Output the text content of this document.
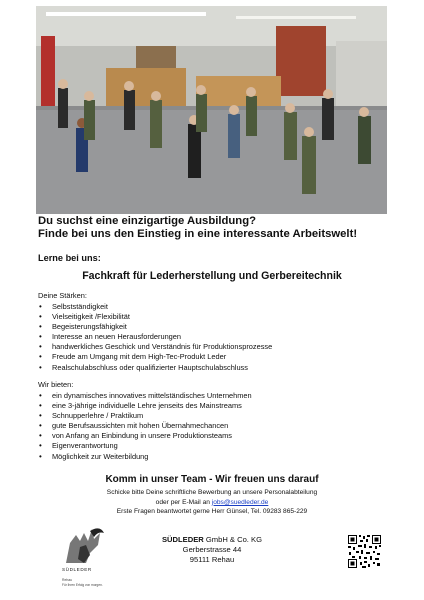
Du suchst eine einzigartige Ausbildung?
Finde bei uns den Einstieg in eine interessante Arbeitswelt!
Lerne bei uns:
Fachkraft für Lederherstellung und Gerbereitechnik
Deine Stärken:
• Selbstständigkeit
• Vielseitigkeit /Flexibilität
• Begeisterungsfähigkeit
• Interesse an neuen Herausforderungen
• handwerkliches Geschick und Verständnis für Produktionsprozesse
• Freude am Umgang mit dem High-Tec-Produkt Leder
• Realschulabschluss oder qualifizierter Hauptschulabschluss
Wir bieten:
• ein dynamisches innovatives mittelständisches Unternehmen
• eine 3-jährige individuelle Lehre jenseits des Mainstreams
• Schnupperlehre / Praktikum
• gute Berufsaussichten mit hohen Übernahmechancen
• von Anfang an Einbindung in unsere Produktionsteams
• Eigenverantwortung
• Möglichkeit zur Weiterbildung
Komm in unser Team - Wir freuen uns darauf
Schicke bitte Deine schriftliche Bewerbung an unsere Personalabteilung
oder per E-Mail an jobs@suedleder.de
Erste Fragen beantwortet gerne Herr Günsel, Tel. 09283 865-229
SÜDLEDER
Rehau
Für Ihren Erfolg von morgen.
SÜDLEDER GmbH & Co. KG
Gerberstrasse 44
95111 Rehau
